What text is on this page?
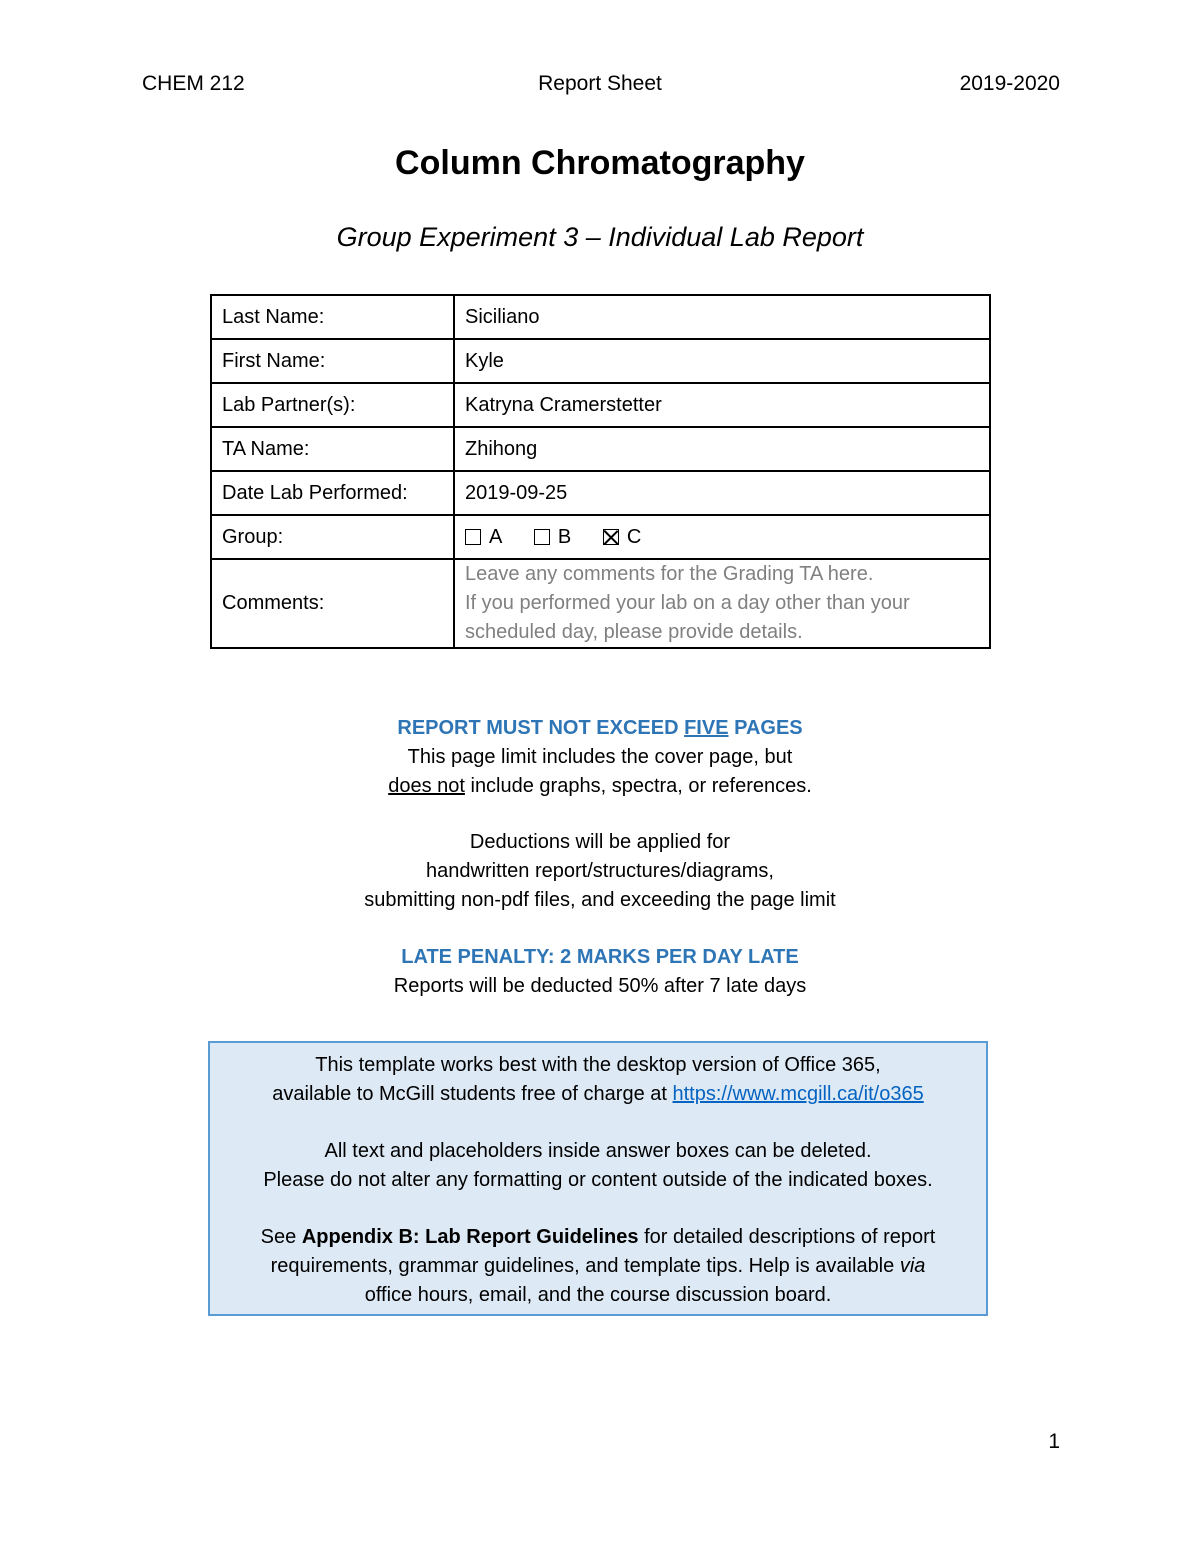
CHEM 212	Report Sheet	2019-2020
Column Chromatography
Group Experiment 3 – Individual Lab Report
Last Name:	Siciliano
First Name:	Kyle
Lab Partner(s):	Katryna Cramerstetter
TA Name:	Zhihong
Date Lab Performed:	2019-09-25
Group:	A B C
Comments:	Leave any comments for the Grading TA here.
If you performed your lab on a day other than your
scheduled day, please provide details.
REPORT MUST NOT EXCEED FIVE PAGES
This page limit includes the cover page, but
does not include graphs, spectra, or references.
Deductions will be applied for
handwritten report/structures/diagrams,
submitting non-pdf files, and exceeding the page limit
LATE PENALTY: 2 MARKS PER DAY LATE
Reports will be deducted 50% after 7 late days
This template works best with the desktop version of Office 365,
available to McGill students free of charge at https://www.mcgill.ca/it/o365
All text and placeholders inside answer boxes can be deleted.
Please do not alter any formatting or content outside of the indicated boxes.
See Appendix B: Lab Report Guidelines for detailed descriptions of report
requirements, grammar guidelines, and template tips. Help is available via
office hours, email, and the course discussion board.
1
